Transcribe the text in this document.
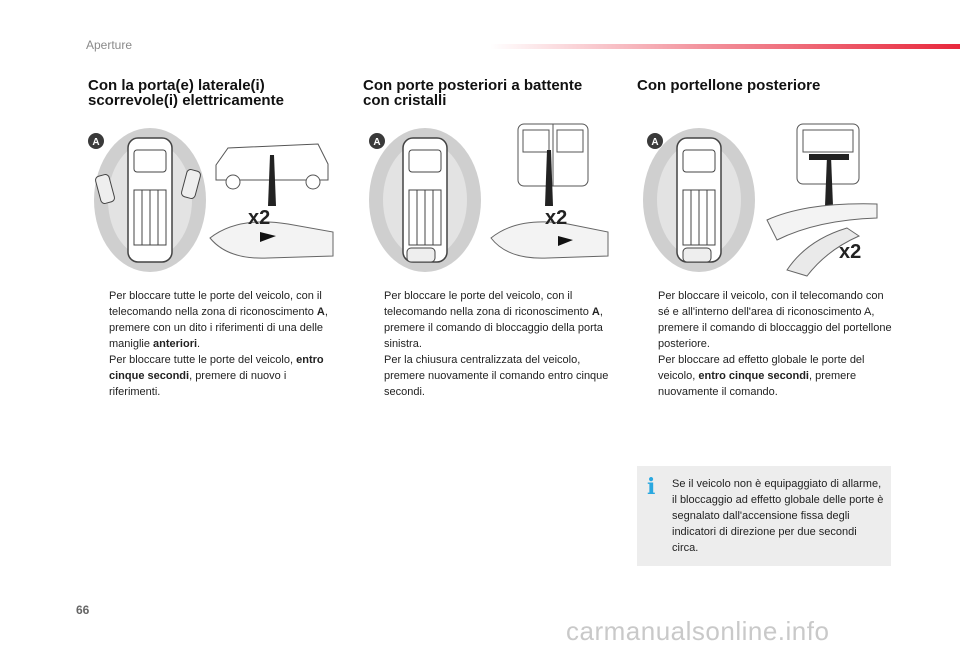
Aperture
Con la porta(e) laterale(i)
scorrevole(i) elettricamente
Con porte posteriori a battente
con cristalli
Con portellone posteriore
A
x2
A
x2
A
x2
Per bloccare tutte le porte del veicolo, con il telecomando nella zona di riconoscimento A, premere con un dito i riferimenti di una delle maniglie anteriori.
Per bloccare tutte le porte del veicolo, entro cinque secondi, premere di nuovo i riferimenti.
Per bloccare le porte del veicolo, con il telecomando nella zona di riconoscimento A, premere il comando di bloccaggio della porta sinistra.
Per la chiusura centralizzata del veicolo, premere nuovamente il comando entro cinque secondi.
Per bloccare il veicolo, con il telecomando con sé e all'interno dell'area di riconoscimento A, premere il comando di bloccaggio del portellone posteriore.
Per bloccare ad effetto globale le porte del veicolo, entro cinque secondi, premere nuovamente il comando.
i Se il veicolo non è equipaggiato di allarme, il bloccaggio ad effetto globale delle porte è segnalato dall'accensione fissa degli indicatori di direzione per due secondi circa.
66
carmanualsonline.info
